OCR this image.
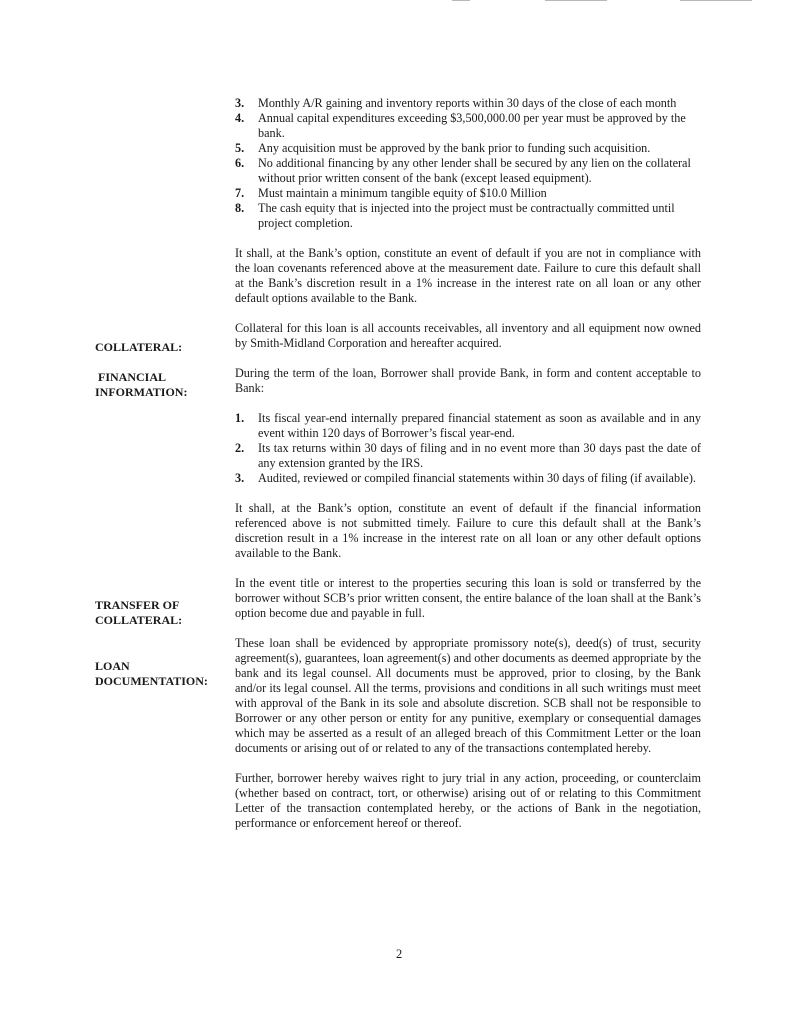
COLLATERAL:
FINANCIAL
INFORMATION:
TRANSFER OF
COLLATERAL:
LOAN
DOCUMENTATION:
3. Monthly A/R gaining and inventory reports within 30 days of the close of each month
4. Annual capital expenditures exceeding $3,500,000.00 per year must be approved by the bank.
5. Any acquisition must be approved by the bank prior to funding such acquisition.
6. No additional financing by any other lender shall be secured by any lien on the collateral without prior written consent of the bank (except leased equipment).
7. Must maintain a minimum tangible equity of $10.0 Million
8. The cash equity that is injected into the project must be contractually committed until project completion.

It shall, at the Bank’s option, constitute an event of default if you are not in compliance with the loan covenants referenced above at the measurement date. Failure to cure this default shall at the Bank’s discretion result in a 1% increase in the interest rate on all loan or any other default options available to the Bank.

Collateral for this loan is all accounts receivables, all inventory and all equipment now owned by Smith-Midland Corporation and hereafter acquired.

During the term of the loan, Borrower shall provide Bank, in form and content acceptable to Bank:

1. Its fiscal year-end internally prepared financial statement as soon as available and in any event within 120 days of Borrower’s fiscal year-end.
2. Its tax returns within 30 days of filing and in no event more than 30 days past the date of any extension granted by the IRS.
3. Audited, reviewed or compiled financial statements within 30 days of filing (if available).

It shall, at the Bank’s option, constitute an event of default if the financial information referenced above is not submitted timely. Failure to cure this default shall at the Bank’s discretion result in a 1% increase in the interest rate on all loan or any other default options available to the Bank.

In the event title or interest to the properties securing this loan is sold or transferred by the borrower without SCB’s prior written consent, the entire balance of the loan shall at the Bank’s option become due and payable in full.

These loan shall be evidenced by appropriate promissory note(s), deed(s) of trust, security agreement(s), guarantees, loan agreement(s) and other documents as deemed appropriate by the bank and its legal counsel. All documents must be approved, prior to closing, by the Bank and/or its legal counsel. All the terms, provisions and conditions in all such writings must meet with approval of the Bank in its sole and absolute discretion. SCB shall not be responsible to Borrower or any other person or entity for any punitive, exemplary or consequential damages which may be asserted as a result of an alleged breach of this Commitment Letter or the loan documents or arising out of or related to any of the transactions contemplated hereby.

Further, borrower hereby waives right to jury trial in any action, proceeding, or counterclaim (whether based on contract, tort, or otherwise) arising out of or relating to this Commitment Letter of the transaction contemplated hereby, or the actions of Bank in the negotiation, performance or enforcement hereof or thereof.

2
